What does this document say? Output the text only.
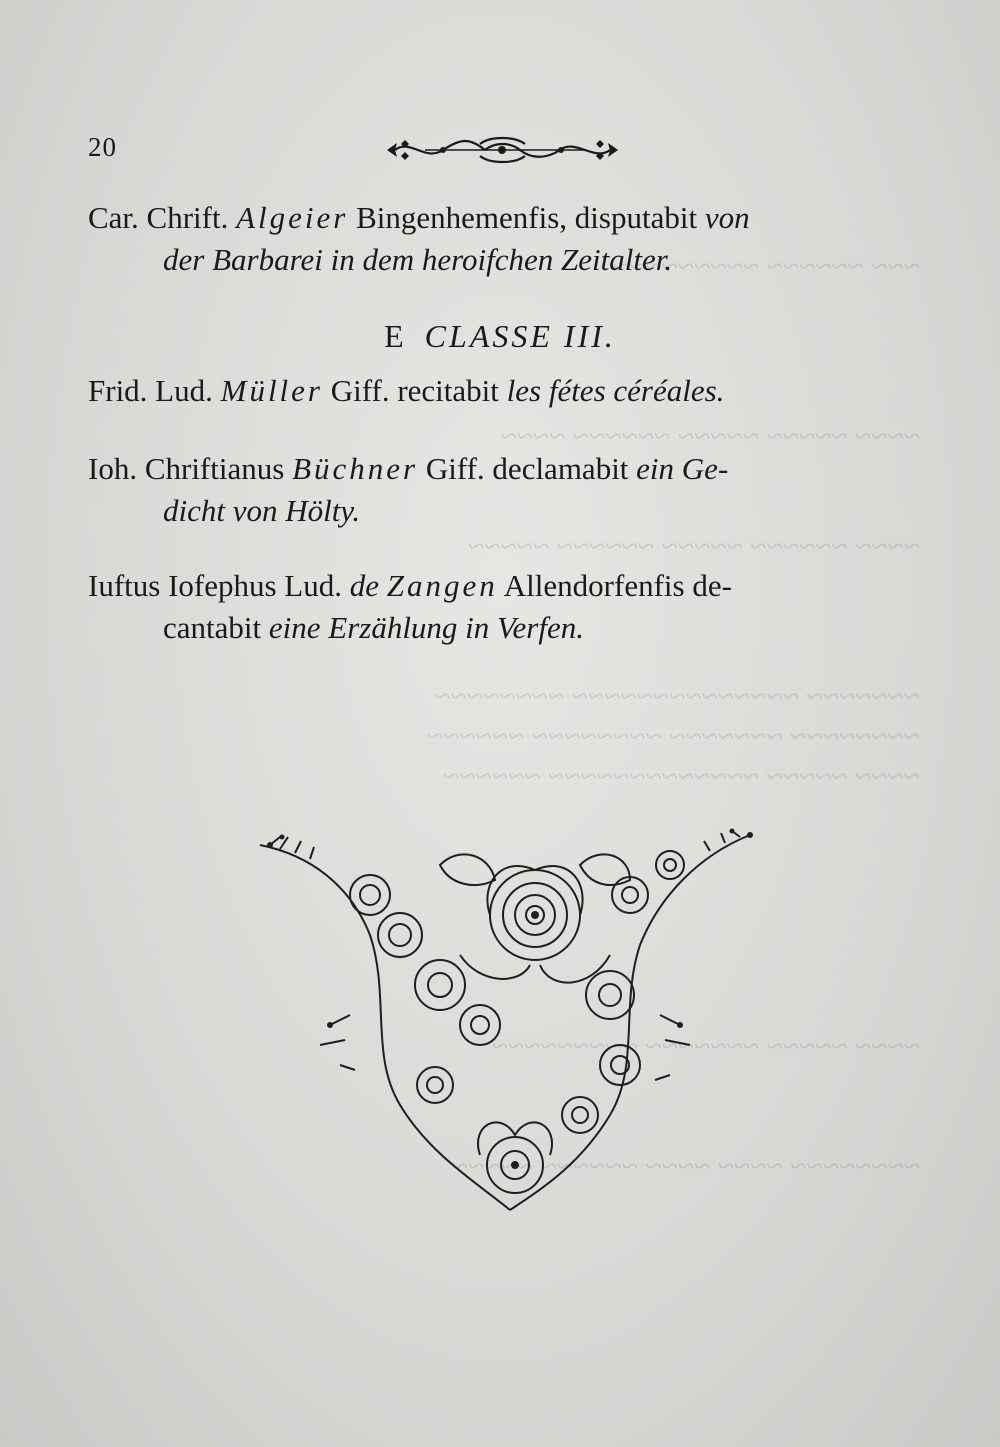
~~~ ~~~~~~ ~~~~~~~~~
~~~~ ~~~~~ ~~~~~ ~~~~~~ ~~~~
~~~~ ~~~~~~ ~~~~~ ~~~~~~ ~~~~~
~~~~~~~ ~~~~~~~~~~~~~~ ~~~~~~~~
~~~~~~~~ ~~~~~~~ ~~~~~~~~ ~~~~~~
~~~~ ~~~~~ ~~~~~~~~~~~~~ ~~~~~~
~~~~ ~~~~~ ~~~~~~~ ~~~~~~~~~
~~~~~~~~ ~~~~ ~~~~ ~~~~~~ ~~~~~
20
Car. Chrift. Algeier Bingenhemenfis, disputabit von
der Barbarei in dem heroifchen Zeitalter.
E CLASSE III.
Frid. Lud. Müller Giff. recitabit les fétes céréales.
Ioh. Chriftianus Büchner Giff. declamabit ein Ge-
dicht von Hölty.
Iuftus Iofephus Lud. de Zangen Allendorfenfis de-
cantabit eine Erzählung in Verfen.
